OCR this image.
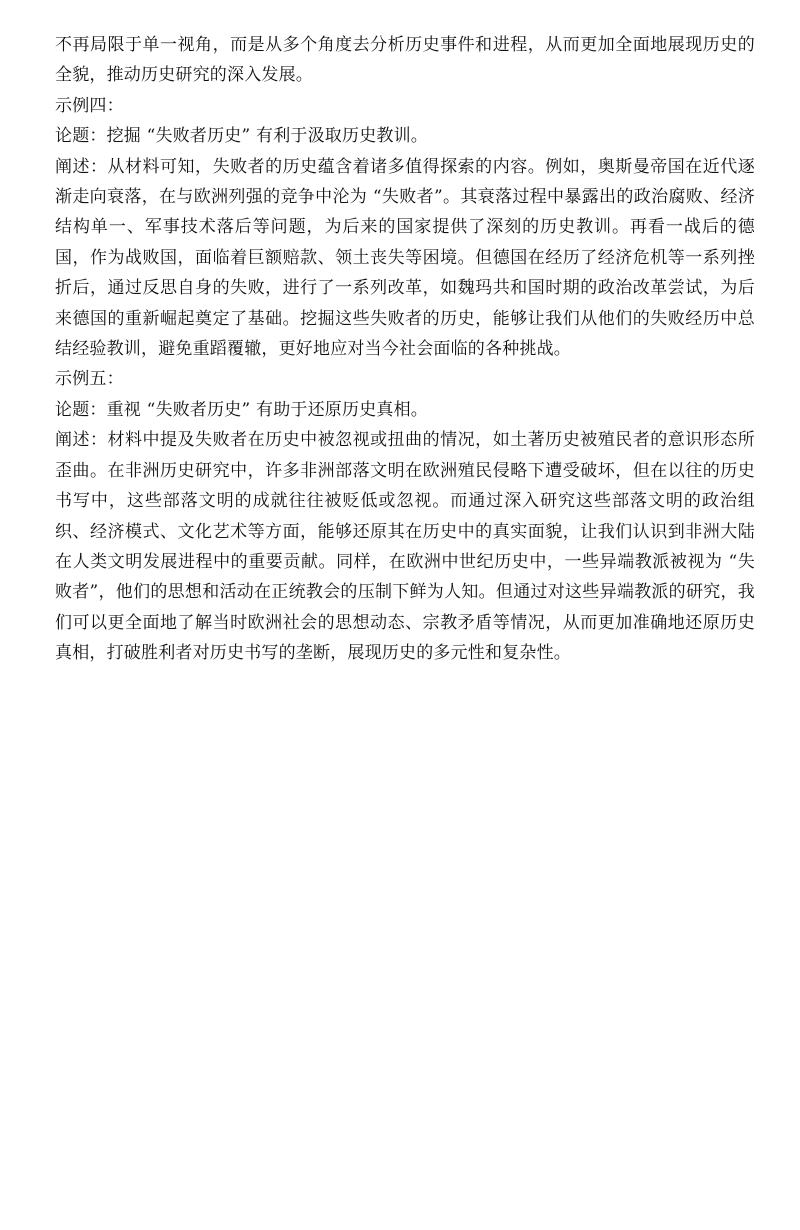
不再局限于单一视角，而是从多个角度去分析历史事件和进程，从而更加全面地展现历史的全貌，推动历史研究的深入发展。

示例四：

论题：挖掘 “失败者历史” 有利于汲取历史教训。

阐述：从材料可知，失败者的历史蕴含着诸多值得探索的内容。例如，奥斯曼帝国在近代逐渐走向衰落，在与欧洲列强的竞争中沦为 “失败者”。其衰落过程中暴露出的政治腐败、经济结构单一、军事技术落后等问题，为后来的国家提供了深刻的历史教训。再看一战后的德国，作为战败国，面临着巨额赔款、领土丧失等困境。但德国在经历了经济危机等一系列挫折后，通过反思自身的失败，进行了一系列改革，如魏玛共和国时期的政治改革尝试，为后来德国的重新崛起奠定了基础。挖掘这些失败者的历史，能够让我们从他们的失败经历中总结经验教训，避免重蹈覆辙，更好地应对当今社会面临的各种挑战。

示例五：

论题：重视 “失败者历史” 有助于还原历史真相。

阐述：材料中提及失败者在历史中被忽视或扭曲的情况，如土著历史被殖民者的意识形态所歪曲。在非洲历史研究中，许多非洲部落文明在欧洲殖民侵略下遭受破坏，但在以往的历史书写中，这些部落文明的成就往往被贬低或忽视。而通过深入研究这些部落文明的政治组织、经济模式、文化艺术等方面，能够还原其在历史中的真实面貌，让我们认识到非洲大陆在人类文明发展进程中的重要贡献。同样，在欧洲中世纪历史中，一些异端教派被视为 “失败者”，他们的思想和活动在正统教会的压制下鲜为人知。但通过对这些异端教派的研究，我们可以更全面地了解当时欧洲社会的思想动态、宗教矛盾等情况，从而更加准确地还原历史真相，打破胜利者对历史书写的垄断，展现历史的多元性和复杂性。
